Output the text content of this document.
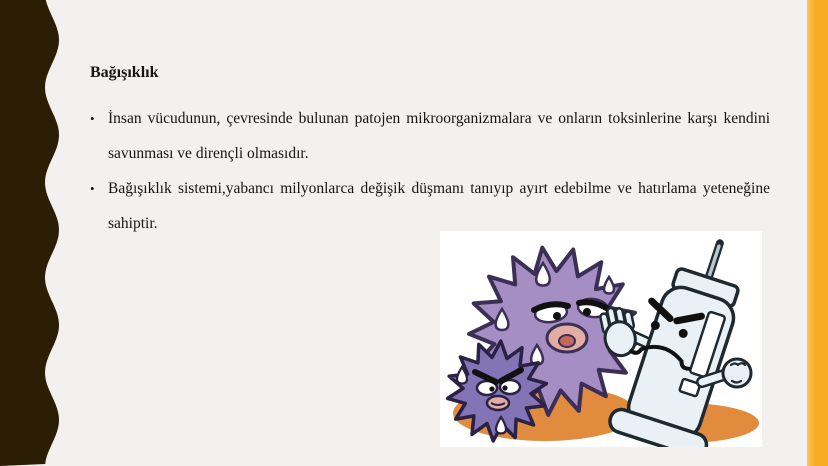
Bağışıklık
• İnsan vücudunun, çevresinde bulunan patojen mikroorganizmalara ve onların toksinlerine karşı kendini savunması ve dirençli olmasıdır.

• Bağışıklık sistemi,yabancı milyonlarca değişik düşmanı tanıyıp ayırt edebilme ve hatırlama yeteneğine sahiptir.
